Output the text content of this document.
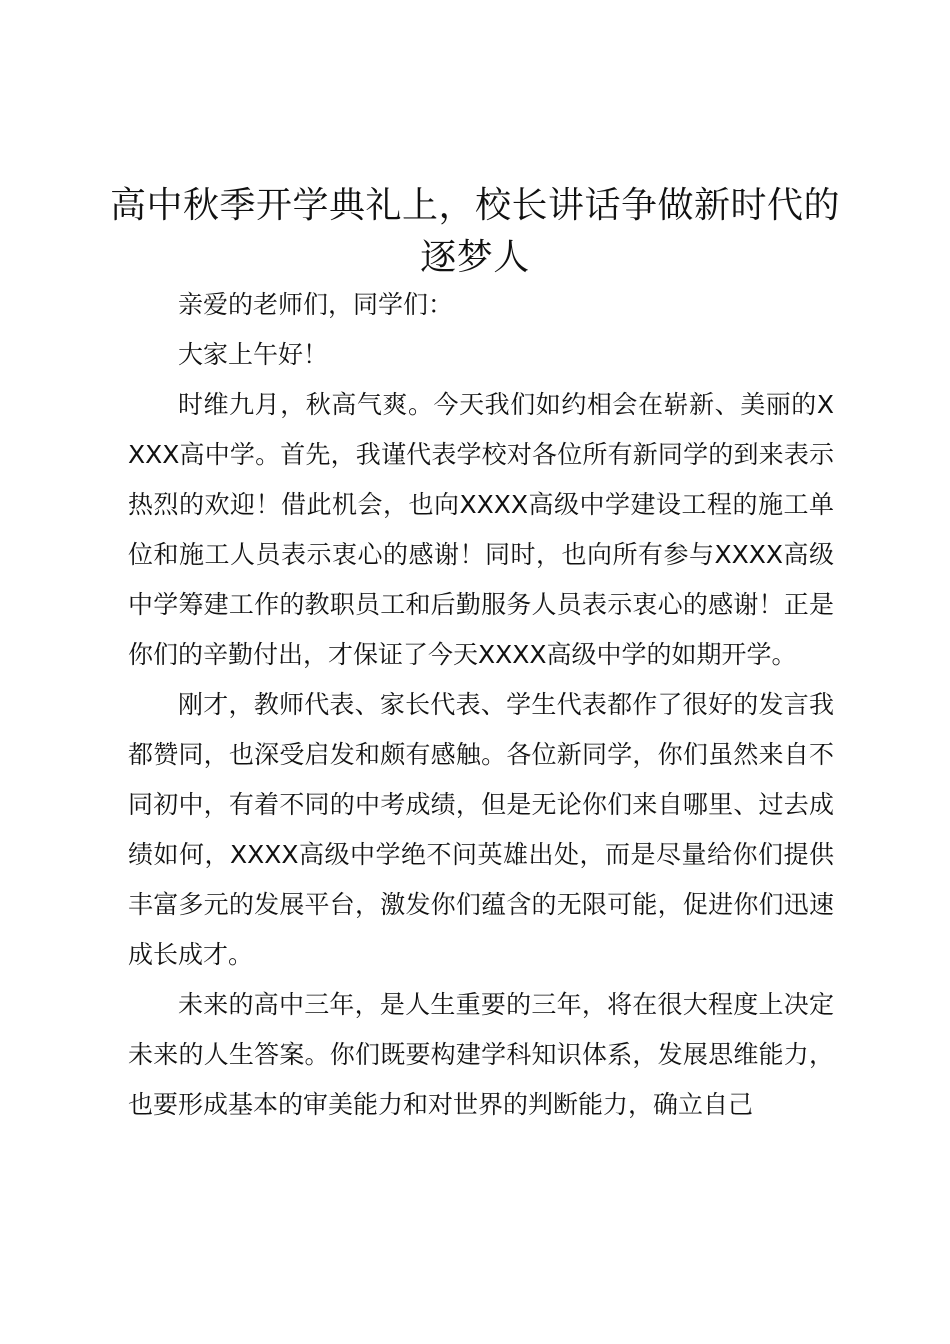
高中秋季开学典礼上，校长讲话争做新时代的逐梦人

亲爱的老师们，同学们：

大家上午好！

时维九月，秋高气爽。今天我们如约相会在崭新、美丽的XXXX高中学。首先，我谨代表学校对各位所有新同学的到来表示热烈的欢迎！借此机会，也向XXXX高级中学建设工程的施工单位和施工人员表示衷心的感谢！同时，也向所有参与XXXX高级中学筹建工作的教职员工和后勤服务人员表示衷心的感谢！正是你们的辛勤付出，才保证了今天XXXX高级中学的如期开学。

刚才，教师代表、家长代表、学生代表都作了很好的发言我都赞同，也深受启发和颇有感触。各位新同学，你们虽然来自不同初中，有着不同的中考成绩，但是无论你们来自哪里、过去成绩如何，XXXX高级中学绝不问英雄出处，而是尽量给你们提供丰富多元的发展平台，激发你们蕴含的无限可能，促进你们迅速成长成才。

未来的高中三年，是人生重要的三年，将在很大程度上决定未来的人生答案。你们既要构建学科知识体系，发展思维能力，也要形成基本的审美能力和对世界的判断能力，确立自己
